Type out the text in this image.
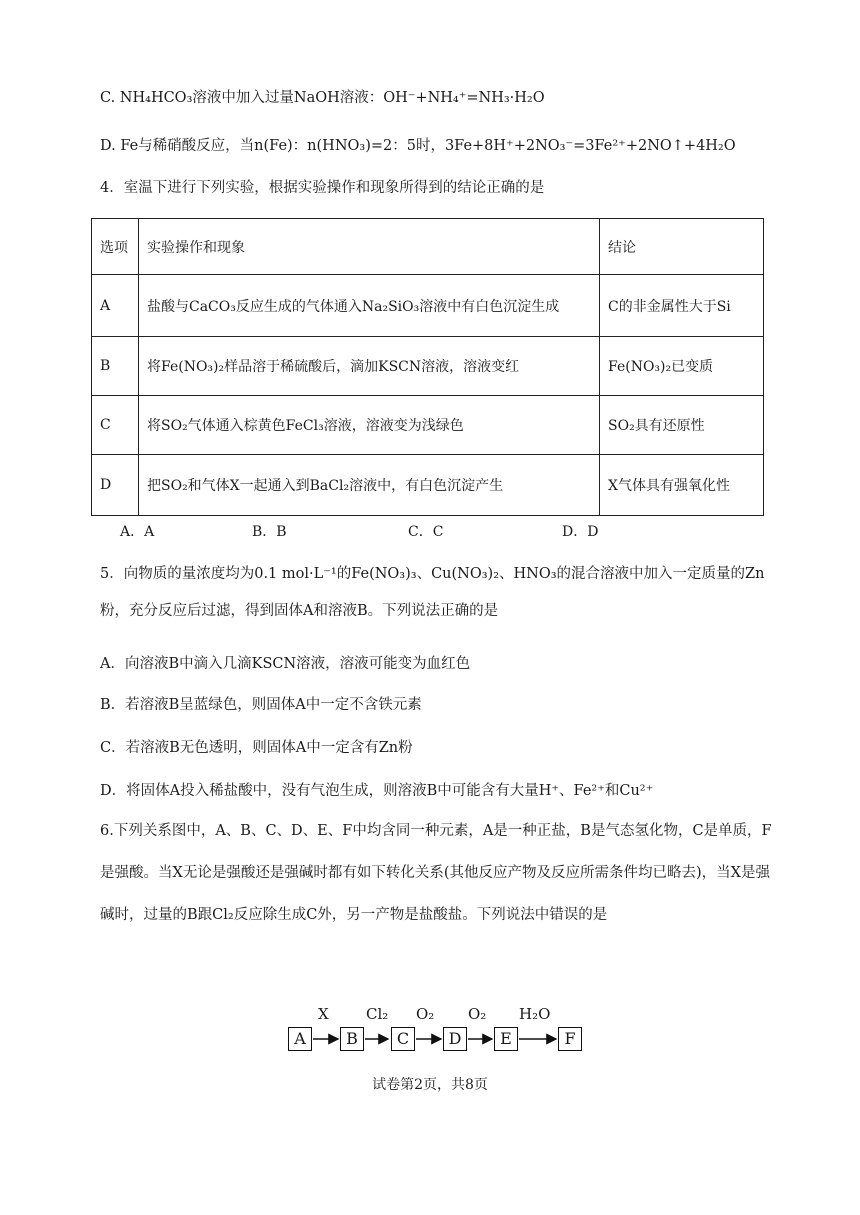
C. NH₄HCO₃溶液中加入过量NaOH溶液：OH⁻+NH₄⁺=NH₃·H₂O
D. Fe与稀硝酸反应，当n(Fe)：n(HNO₃)=2：5时，3Fe+8H⁺+2NO₃⁻=3Fe²⁺+2NO↑+4H₂O
4．室温下进行下列实验，根据实验操作和现象所得到的结论正确的是
选项	实验操作和现象	结论
A	盐酸与CaCO₃反应生成的气体通入Na₂SiO₃溶液中有白色沉淀生成	C的非金属性大于Si
B	将Fe(NO₃)₂样品溶于稀硫酸后，滴加KSCN溶液，溶液变红	Fe(NO₃)₂已变质
C	将SO₂气体通入棕黄色FeCl₃溶液，溶液变为浅绿色	SO₂具有还原性
D	把SO₂和气体X一起通入到BaCl₂溶液中，有白色沉淀产生	X气体具有强氧化性
A．A	B．B	C．C	D．D
5．向物质的量浓度均为0.1 mol·L⁻¹的Fe(NO₃)₃、Cu(NO₃)₂、HNO₃的混合溶液中加入一定质量的Zn粉，充分反应后过滤，得到固体A和溶液B。下列说法正确的是
A．向溶液B中滴入几滴KSCN溶液，溶液可能变为血红色
B．若溶液B呈蓝绿色，则固体A中一定不含铁元素
C．若溶液B无色透明，则固体A中一定含有Zn粉
D．将固体A投入稀盐酸中，没有气泡生成，则溶液B中可能含有大量H⁺、Fe²⁺和Cu²⁺
6.下列关系图中，A、B、C、D、E、F中均含同一种元素，A是一种正盐，B是气态氢化物，C是单质，F是强酸。当X无论是强酸还是强碱时都有如下转化关系(其他反应产物及反应所需条件均已略去)，当X是强碱时，过量的B跟Cl₂反应除生成C外，另一产物是盐酸盐。下列说法中错误的是
A	B	C	D	E	F
X Cl₂ O₂ O₂ H₂O
试卷第2页，共8页
